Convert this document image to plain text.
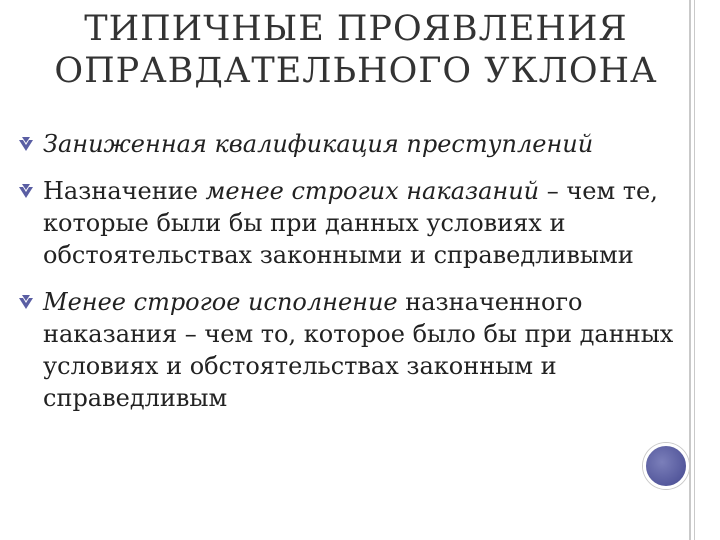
ТИПИЧНЫЕ ПРОЯВЛЕНИЯ
ОПРАВДАТЕЛЬНОГО УКЛОНА
Заниженная квалификация преступлений
Назначение менее строгих наказаний – чем те, которые были бы при данных условиях и обстоятельствах законными и справедливыми
Менее строгое исполнение назначенного наказания – чем то, которое было бы при данных условиях и обстоятельствах законным и справедливым
